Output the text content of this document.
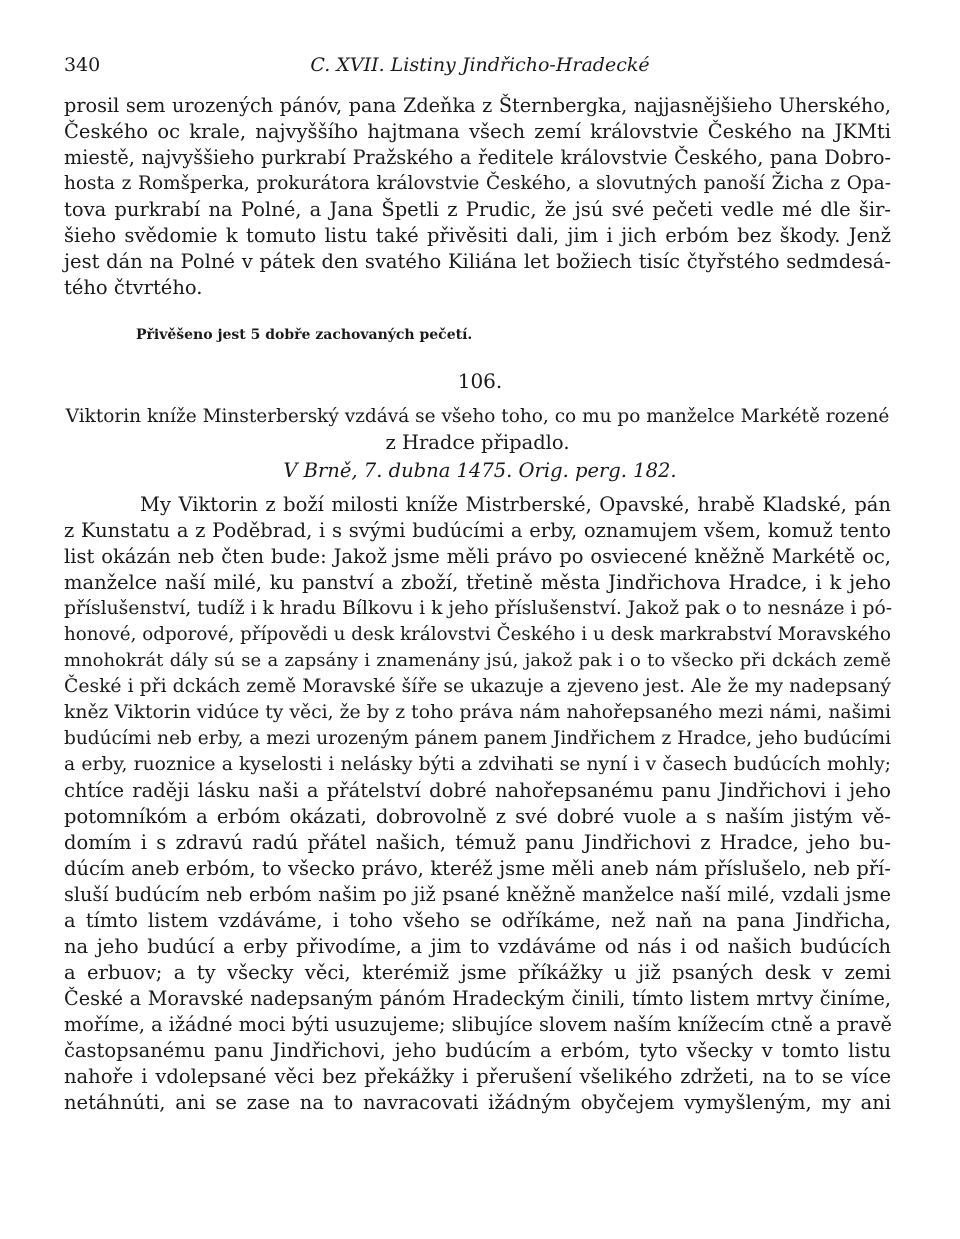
340	C. XVII. Listiny Jindřicho-Hradecké
prosil sem urozených pánóv, pana Zdeňka z Šternbergka, najjasnějšieho Uherského,
Českého oc krale, najvyššího hajtmana všech zemí královstvie Českého na JKMti
miestě, najvyššieho purkrabí Pražského a ředitele královstvie Českého, pana Dobro-
hosta z Romšperka, prokurátora královstvie Českého, a slovutných panoší Žicha z Opa-
tova purkrabí na Polné, a Jana Špetli z Prudic, že jsú své pečeti vedle mé dle šir-
šieho svědomie k tomuto listu také přivěsiti dali, jim i jich erbóm bez škody. Jenž
jest dán na Polné v pátek den svatého Kiliána let božiech tisíc čtyřstého sedmdesá-
tého čtvrtého.
Přivěšeno jest 5 dobře zachovaných pečetí.
106.
Viktorin kníže Minsterberský vzdává se všeho toho, co mu po manželce Markétě rozené
z Hradce připadlo.
V Brně, 7. dubna 1475. Orig. perg. 182.
My Viktorin z boží milosti kníže Mistrberské, Opavské, hrabě Kladské, pán
z Kunstatu a z Poděbrad, i s svými budúcími a erby, oznamujem všem, komuž tento
list okázán neb čten bude: Jakož jsme měli právo po osviecené kněžně Markétě oc,
manželce naší milé, ku panství a zboží, třetině města Jindřichova Hradce, i k jeho
příslušenství, tudíž i k hradu Bílkovu i k jeho příslušenství. Jakož pak o to nesnáze i pó-
honové, odporové, přípovědi u desk královstvi Českého i u desk markrabství Moravského
mnohokrát dály sú se a zapsány i znamenány jsú, jakož pak i o to všecko při dckách země
České i při dckách země Moravské šíře se ukazuje a zjeveno jest. Ale že my nadepsaný
kněz Viktorin vidúce ty věci, že by z toho práva nám nahořepsaného mezi námi, našimi
budúcími neb erby, a mezi urozeným pánem panem Jindřichem z Hradce, jeho budúcími
a erby, ruoznice a kyselosti i nelásky býti a zdvihati se nyní i v časech budúcích mohly;
chtíce raději lásku naši a přátelství dobré nahořepsanému panu Jindřichovi i jeho
potomníkóm a erbóm okázati, dobrovolně z své dobré vuole a s naším jistým vě-
domím i s zdravú radú přátel našich, témuž panu Jindřichovi z Hradce, jeho bu-
dúcím aneb erbóm, to všecko právo, kteréž jsme měli aneb nám příslušelo, neb pří-
sluší budúcím neb erbóm našim po již psané kněžně manželce naší milé, vzdali jsme
a tímto listem vzdáváme, i toho všeho se odříkáme, než naň na pana Jindřicha,
na jeho budúcí a erby přivodíme, a jim to vzdáváme od nás i od našich budúcích
a erbuov; a ty všecky věci, kterémiž jsme příkážky u již psaných desk v zemi
České a Moravské nadepsaným pánóm Hradeckým činili, tímto listem mrtvy činíme,
moříme, a ižádné moci býti usuzujeme; slibujíce slovem naším knížecím ctně a pravě
častopsanému panu Jindřichovi, jeho budúcím a erbóm, tyto všecky v tomto listu
nahoře i vdolepsané věci bez překážky i přerušení všelikého zdržeti, na to se více
netáhnúti, ani se zase na to navracovati ižádným obyčejem vymyšleným, my ani
